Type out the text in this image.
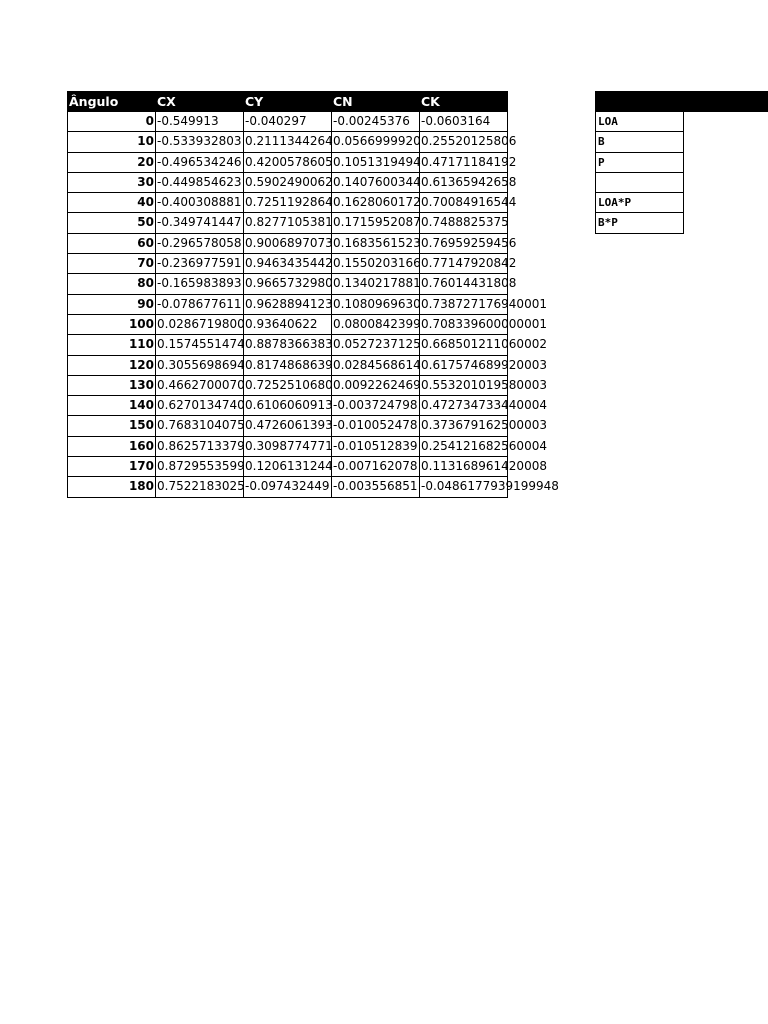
Ângulo	CX	CY	CN	CK
0 -0.549913	-0.040297	-0.00245376 -0.0603164
10 -0.533932803 0.2111344264 0.0566999920 0.25520125806
20 -0.496534246 0.4200578605 0.1051319494 0.47171184192
30 -0.449854623 0.5902490062 0.1407600344 0.61365942658
40 -0.400308881 0.7251192864 0.1628060172 0.70084916544
50 -0.349741447 0.8277105381 0.1715952087 0.7488825375
60 -0.296578058 0.9006897073 0.1683561523 0.76959259456
70 -0.236977591 0.9463435442 0.1550203166 0.77147920842
80 -0.165983893 0.9665732980 0.1340217881 0.76014431808
90 -0.078677611 0.9628894123 0.1080969630 0.738727176940001
100 0.0286719800 0.93640622	0.0800842399 0.708339600000001
110 0.1574551474 0.8878366383 0.0527237125 0.668501211060002
120 0.3055698694 0.8174868639 0.0284568614 0.617574689920003
130 0.4662700070 0.7252510680 0.0092262469 0.553201019580003
140 0.6270134740 0.6106060913 -0.003724798 0.472734733440004
150 0.7683104075 0.4726061393 -0.010052478 0.373679162500003
160 0.8625713379 0.3098774771 -0.010512839 0.254121682560004
170 0.8729553599 0.1206131244 -0.007162078 0.113168961420008
180 0.7522183025 -0.097432449 -0.003556851 -0.0486177939199948
LOA
B
P
LOA*P
B*P
